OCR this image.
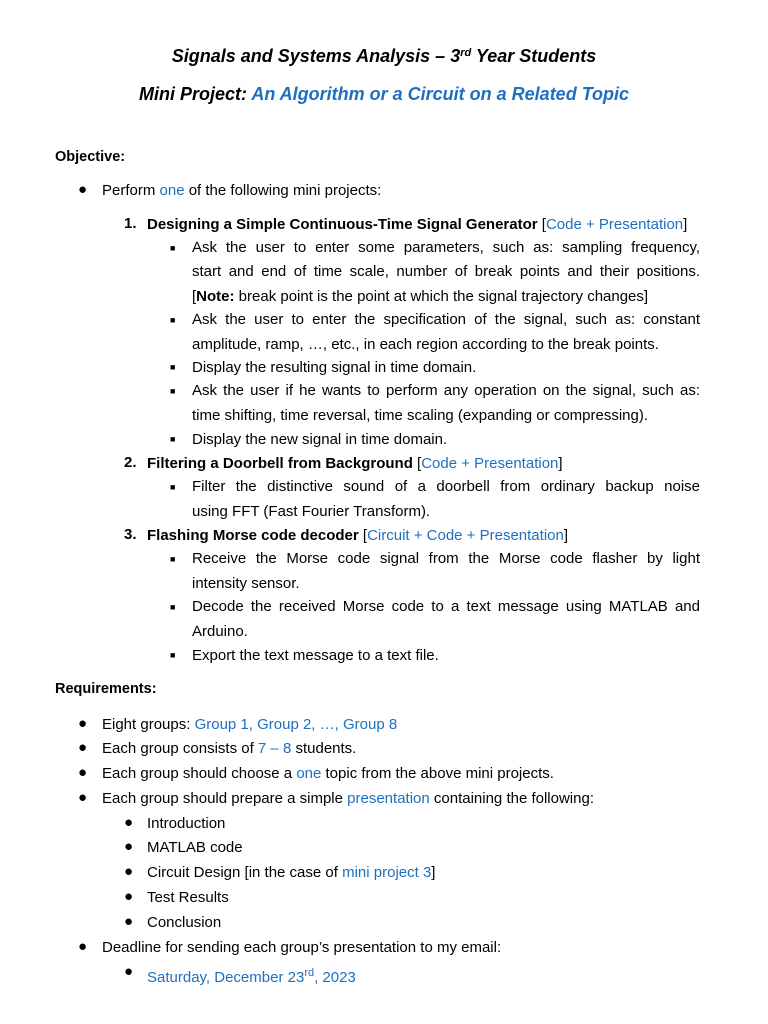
Signals and Systems Analysis – 3rd Year Students
Mini Project: An Algorithm or a Circuit on a Related Topic
Objective:
● Perform one of the following mini projects:
1. Designing a Simple Continuous-Time Signal Generator [Code + Presentation]
■ Ask the user to enter some parameters, such as: sampling frequency,
start and end of time scale, number of break points and their positions.
[Note: break point is the point at which the signal trajectory changes]
■ Ask the user to enter the specification of the signal, such as: constant
amplitude, ramp, …, etc., in each region according to the break points.
■ Display the resulting signal in time domain.
■ Ask the user if he wants to perform any operation on the signal, such as:
time shifting, time reversal, time scaling (expanding or compressing).
■ Display the new signal in time domain.
2. Filtering a Doorbell from Background [Code + Presentation]
■ Filter the distinctive sound of a doorbell from ordinary backup noise
using FFT (Fast Fourier Transform).
3. Flashing Morse code decoder [Circuit + Code + Presentation]
■ Receive the Morse code signal from the Morse code flasher by light
intensity sensor.
■ Decode the received Morse code to a text message using MATLAB and
Arduino.
■ Export the text message to a text file.
Requirements:
● Eight groups: Group 1, Group 2, …, Group 8
● Each group consists of 7 – 8 students.
● Each group should choose a one topic from the above mini projects.
● Each group should prepare a simple presentation containing the following:
● Introduction
● MATLAB code
● Circuit Design [in the case of mini project 3]
● Test Results
● Conclusion
● Deadline for sending each group’s presentation to my email:
● Saturday, December 23rd, 2023
